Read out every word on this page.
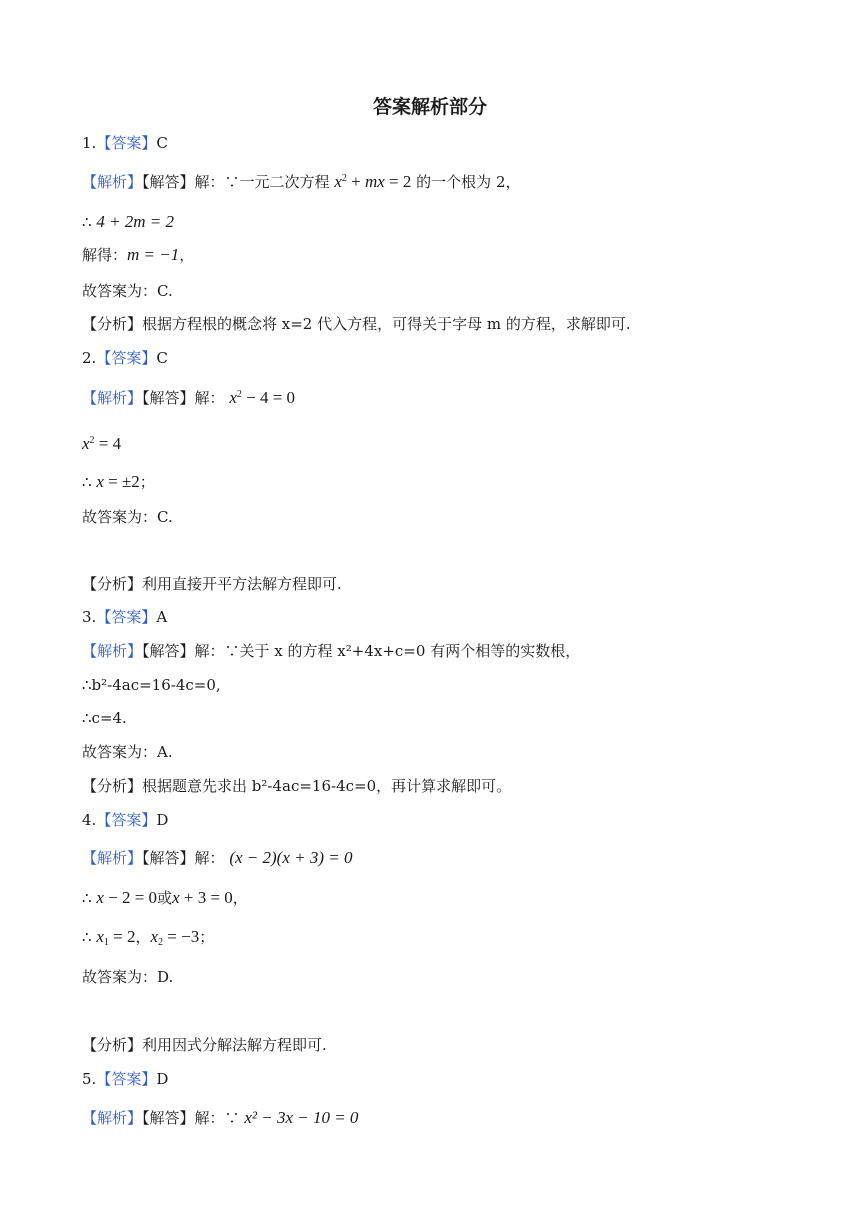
答案解析部分
1.【答案】C
【解析】【解答】解：∵一元二次方程 $x^2$ + mx = 2 的一个根为 2，
∴ 4 + 2m = 2
解得：m = −1，
故答案为：C.
【分析】根据方程根的概念将 x=2 代入方程，可得关于字母 m 的方程，求解即可.
2.【答案】C
【解析】【解答】解： $x^2 - 4 = 0$
$x^2 = 4$
∴ x = ±2；
故答案为：C.
【分析】利用直接开平方法解方程即可.
3.【答案】A
【解析】【解答】解：∵关于 x 的方程 x²+4x+c=0 有两个相等的实数根，
∴b²-4ac=16-4c=0,
∴c=4.
故答案为：A.
【分析】根据题意先求出 b²-4ac=16-4c=0，再计算求解即可。
4.【答案】D
【解析】【解答】解： (x − 2)(x + 3) = 0
∴ x − 2 = 0或x + 3 = 0，
∴ $x_1 = 2$，$x_2 = -3$；
故答案为：D.
【分析】利用因式分解法解方程即可.
5.【答案】D
【解析】【解答】解：∵ x² − 3x − 10 = 0
